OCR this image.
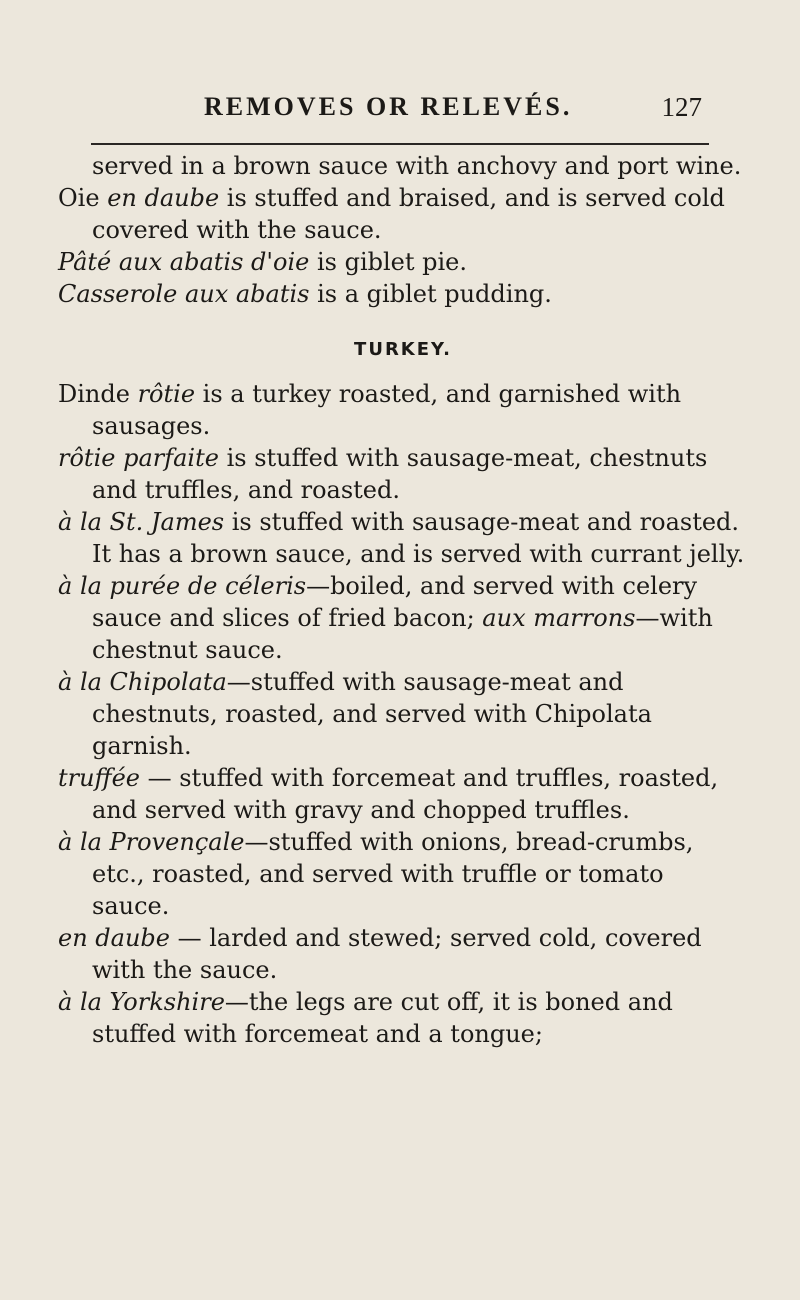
REMOVES OR RELEVÉS.	127

served in a brown sauce with anchovy and port wine.

Oie en daube is stuffed and braised, and is served cold covered with the sauce.

Pâté aux abatis d'oie is giblet pie.

Casserole aux abatis is a giblet pudding.

TURKEY.

Dinde rôtie is a turkey roasted, and garnished with sausages.

rôtie parfaite is stuffed with sausage-meat, chestnuts and truffles, and roasted.

à la St. James is stuffed with sausage-meat and roasted. It has a brown sauce, and is served with currant jelly.

à la purée de céleris—boiled, and served with celery sauce and slices of fried bacon; aux marrons—with chestnut sauce.

à la Chipolata—stuffed with sausage-meat and chestnuts, roasted, and served with Chipolata garnish.

truffée — stuffed with forcemeat and truffles, roasted, and served with gravy and chopped truffles.

à la Provençale—stuffed with onions, bread-crumbs, etc., roasted, and served with truffle or tomato sauce.

en daube — larded and stewed; served cold, covered with the sauce.

à la Yorkshire—the legs are cut off, it is boned and stuffed with forcemeat and a tongue;
